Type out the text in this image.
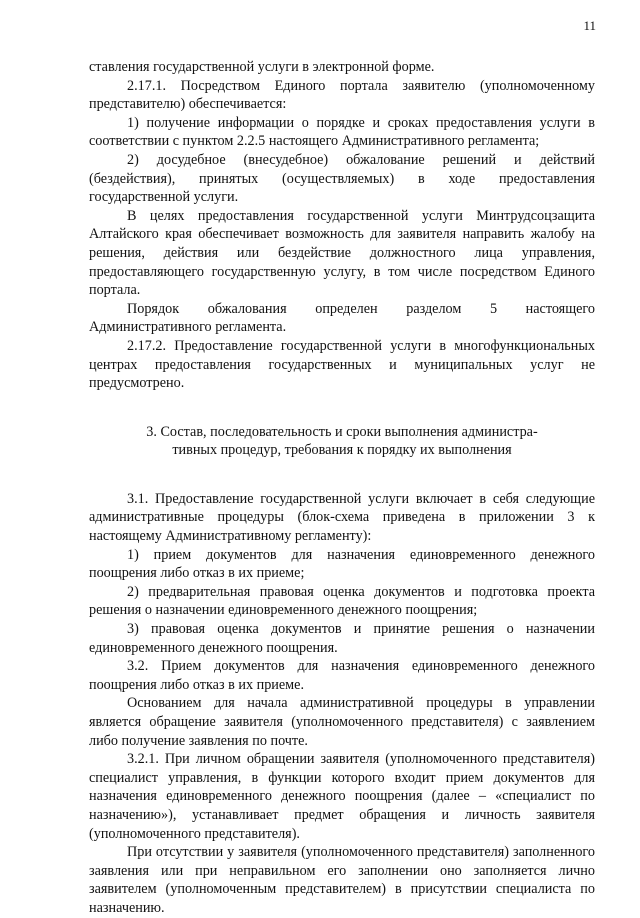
11

ставления государственной услуги в электронной форме.

2.17.1. Посредством Единого портала заявителю (уполномоченному представителю) обеспечивается:

1) получение информации о порядке и сроках предоставления услуги в соответствии с пунктом 2.2.5 настоящего Административного регламента;

2) досудебное (внесудебное) обжалование решений и действий (бездействия), принятых (осуществляемых) в ходе предоставления государственной услуги.

В целях предоставления государственной услуги Минтрудсоцзащита Алтайского края обеспечивает возможность для заявителя направить жалобу на решения, действия или бездействие должностного лица управления, предоставляющего государственную услугу, в том числе посредством Единого портала.

Порядок обжалования определен разделом 5 настоящего Административного регламента.

2.17.2. Предоставление государственной услуги в многофункциональных центрах предоставления государственных и муниципальных услуг не предусмотрено.

3. Состав, последовательность и сроки выполнения администра-
тивных процедур, требования к порядку их выполнения

3.1. Предоставление государственной услуги включает в себя следующие административные процедуры (блок-схема приведена в приложении 3 к настоящему Административному регламенту):

1) прием документов для назначения единовременного денежного поощрения либо отказ в их приеме;

2) предварительная правовая оценка документов и подготовка проекта решения о назначении единовременного денежного поощрения;

3) правовая оценка документов и принятие решения о назначении единовременного денежного поощрения.

3.2. Прием документов для назначения единовременного денежного поощрения либо отказ в их приеме.

Основанием для начала административной процедуры в управлении является обращение заявителя (уполномоченного представителя) с заявлением либо получение заявления по почте.

3.2.1. При личном обращении заявителя (уполномоченного представителя) специалист управления, в функции которого входит прием документов для назначения единовременного денежного поощрения (далее – «специалист по назначению»), устанавливает предмет обращения и личность заявителя (уполномоченного представителя).

При отсутствии у заявителя (уполномоченного представителя) заполненного заявления или при неправильном его заполнении оно заполняется лично заявителем (уполномоченным представителем) в присутствии специалиста по назначению.
